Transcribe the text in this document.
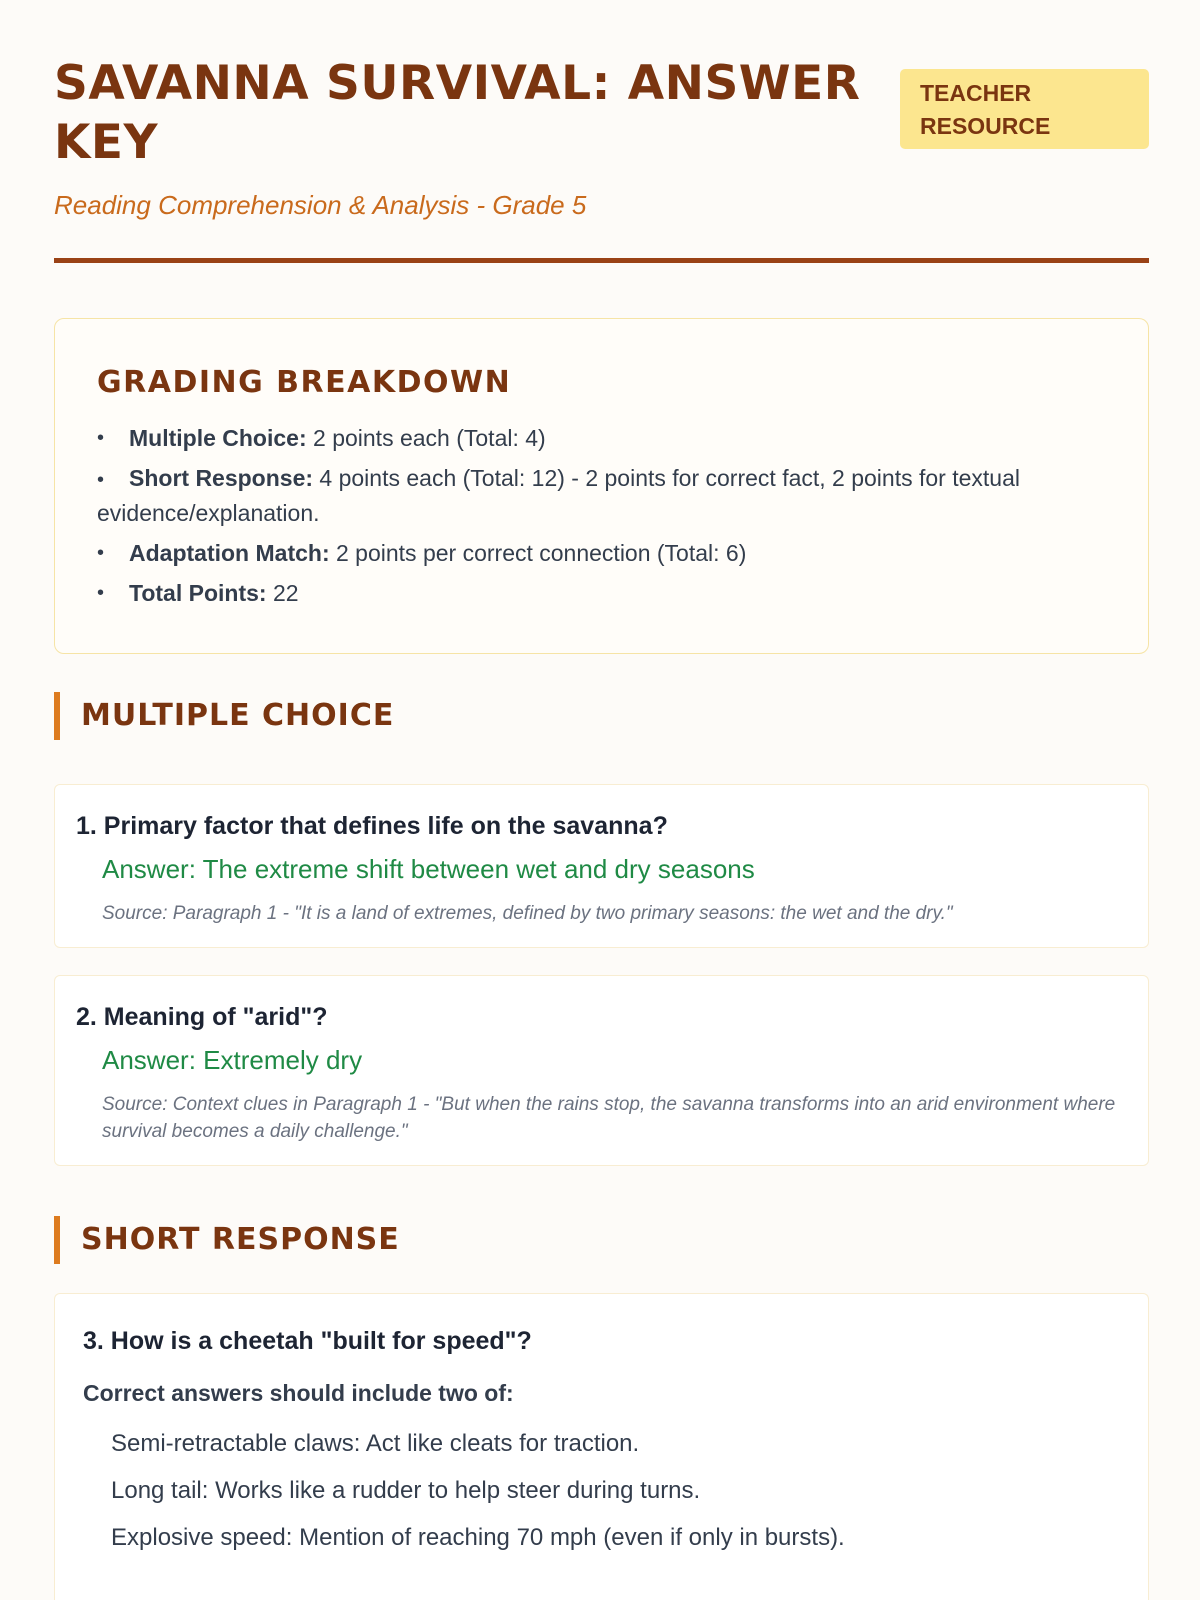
SAVANNA SURVIVAL: ANSWER KEY
TEACHER RESOURCE
Reading Comprehension & Analysis - Grade 5
GRADING BREAKDOWN
• Multiple Choice: 2 points each (Total: 4)
• Short Response: 4 points each (Total: 12) - 2 points for correct fact, 2 points for textual evidence/explanation.
• Adaptation Match: 2 points per correct connection (Total: 6)
• Total Points: 22
MULTIPLE CHOICE

1. Primary factor that defines life on the savanna?

Answer: The extreme shift between wet and dry seasons

Source: Paragraph 1 - "It is a land of extremes, defined by two primary seasons: the wet and the dry."

2. Meaning of "arid"?

Answer: Extremely dry

Source: Context clues in Paragraph 1 - "But when the rains stop, the savanna transforms into an arid environment where survival becomes a daily challenge."

SHORT RESPONSE

3. How is a cheetah "built for speed"?

Correct answers should include two of:

Semi-retractable claws: Act like cleats for traction.
Long tail: Works like a rudder to help steer during turns.
Explosive speed: Mention of reaching 70 mph (even if only in bursts).
